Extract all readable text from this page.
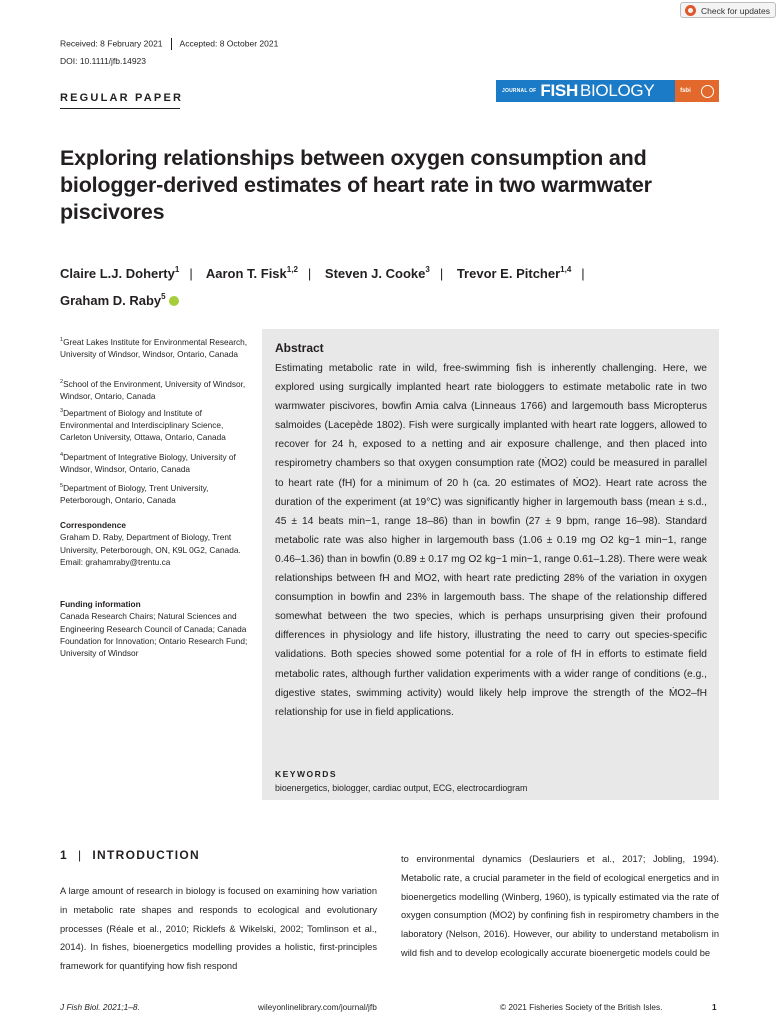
Check for updates
Received: 8 February 2021 Accepted: 8 October 2021
DOI: 10.1111/jfb.14923
REGULAR PAPER
JOURNAL OF FISH BIOLOGY	fsbi
Exploring relationships between oxygen consumption and biologger-derived estimates of heart rate in two warmwater piscivores
Claire L.J. Doherty$^1$ | Aaron T. Fisk$^{1,2}$ | Steven J. Cooke$^3$ | Trevor E. Pitcher$^{1,4}$ |
Graham D. Raby$^5$
$^1$Great Lakes Institute for Environmental Research, University of Windsor, Windsor, Ontario, Canada
$^2$School of the Environment, University of Windsor, Windsor, Ontario, Canada
$^3$Department of Biology and Institute of Environmental and Interdisciplinary Science, Carleton University, Ottawa, Ontario, Canada
$^4$Department of Integrative Biology, University of Windsor, Windsor, Ontario, Canada
$^5$Department of Biology, Trent University, Peterborough, Ontario, Canada
Correspondence
Graham D. Raby, Department of Biology, Trent University, Peterborough, ON, K9L 0G2, Canada.
Email: grahamraby@trentu.ca
Funding information
Canada Research Chairs; Natural Sciences and Engineering Research Council of Canada; Canada Foundation for Innovation; Ontario Research Fund; University of Windsor
Abstract
Estimating metabolic rate in wild, free-swimming fish is inherently challenging. Here, we explored using surgically implanted heart rate biologgers to estimate metabolic rate in two warmwater piscivores, bowfin Amia calva (Linneaus 1766) and largemouth bass Micropterus salmoides (Lacepède 1802). Fish were surgically implanted with heart rate loggers, allowed to recover for 24 h, exposed to a netting and air exposure challenge, and then placed into respirometry chambers so that oxygen consumption rate (ṀO2) could be measured in parallel to heart rate (fH) for a minimum of 20 h (ca. 20 estimates of ṀO2). Heart rate across the duration of the experiment (at 19°C) was significantly higher in largemouth bass (mean ± s.d., 45 ± 14 beats min−1, range 18–86) than in bowfin (27 ± 9 bpm, range 16–98). Standard metabolic rate was also higher in largemouth bass (1.06 ± 0.19 mg O2 kg−1 min−1, range 0.46–1.36) than in bowfin (0.89 ± 0.17 mg O2 kg−1 min−1, range 0.61–1.28). There were weak relationships between fH and ṀO2, with heart rate predicting 28% of the variation in oxygen consumption in bowfin and 23% in largemouth bass. The shape of the relationship differed somewhat between the two species, which is perhaps unsurprising given their profound differences in physiology and life history, illustrating the need to carry out species-specific validations. Both species showed some potential for a role of fH in efforts to estimate field metabolic rates, although further validation experiments with a wider range of conditions (e.g., digestive states, swimming activity) would likely help improve the strength of the ṀO2–fH relationship for use in field applications.
KEYWORDS
bioenergetics, biologger, cardiac output, ECG, electrocardiogram
1 | INTRODUCTION
A large amount of research in biology is focused on examining how variation in metabolic rate shapes and responds to ecological and evolutionary processes (Réale et al., 2010; Ricklefs & Wikelski, 2002; Tomlinson et al., 2014). In fishes, bioenergetics modelling provides a holistic, first-principles framework for quantifying how fish respond
to environmental dynamics (Deslauriers et al., 2017; Jobling, 1994). Metabolic rate, a crucial parameter in the field of ecological energetics and in bioenergetics modelling (Winberg, 1960), is typically estimated via the rate of oxygen consumption (ṀO2) by confining fish in respirometry chambers in the laboratory (Nelson, 2016). However, our ability to understand metabolism in wild fish and to develop ecologically accurate bioenergetic models could be
J Fish Biol. 2021;1–8.	wileyonlinelibrary.com/journal/jfb	© 2021 Fisheries Society of the British Isles.	1
